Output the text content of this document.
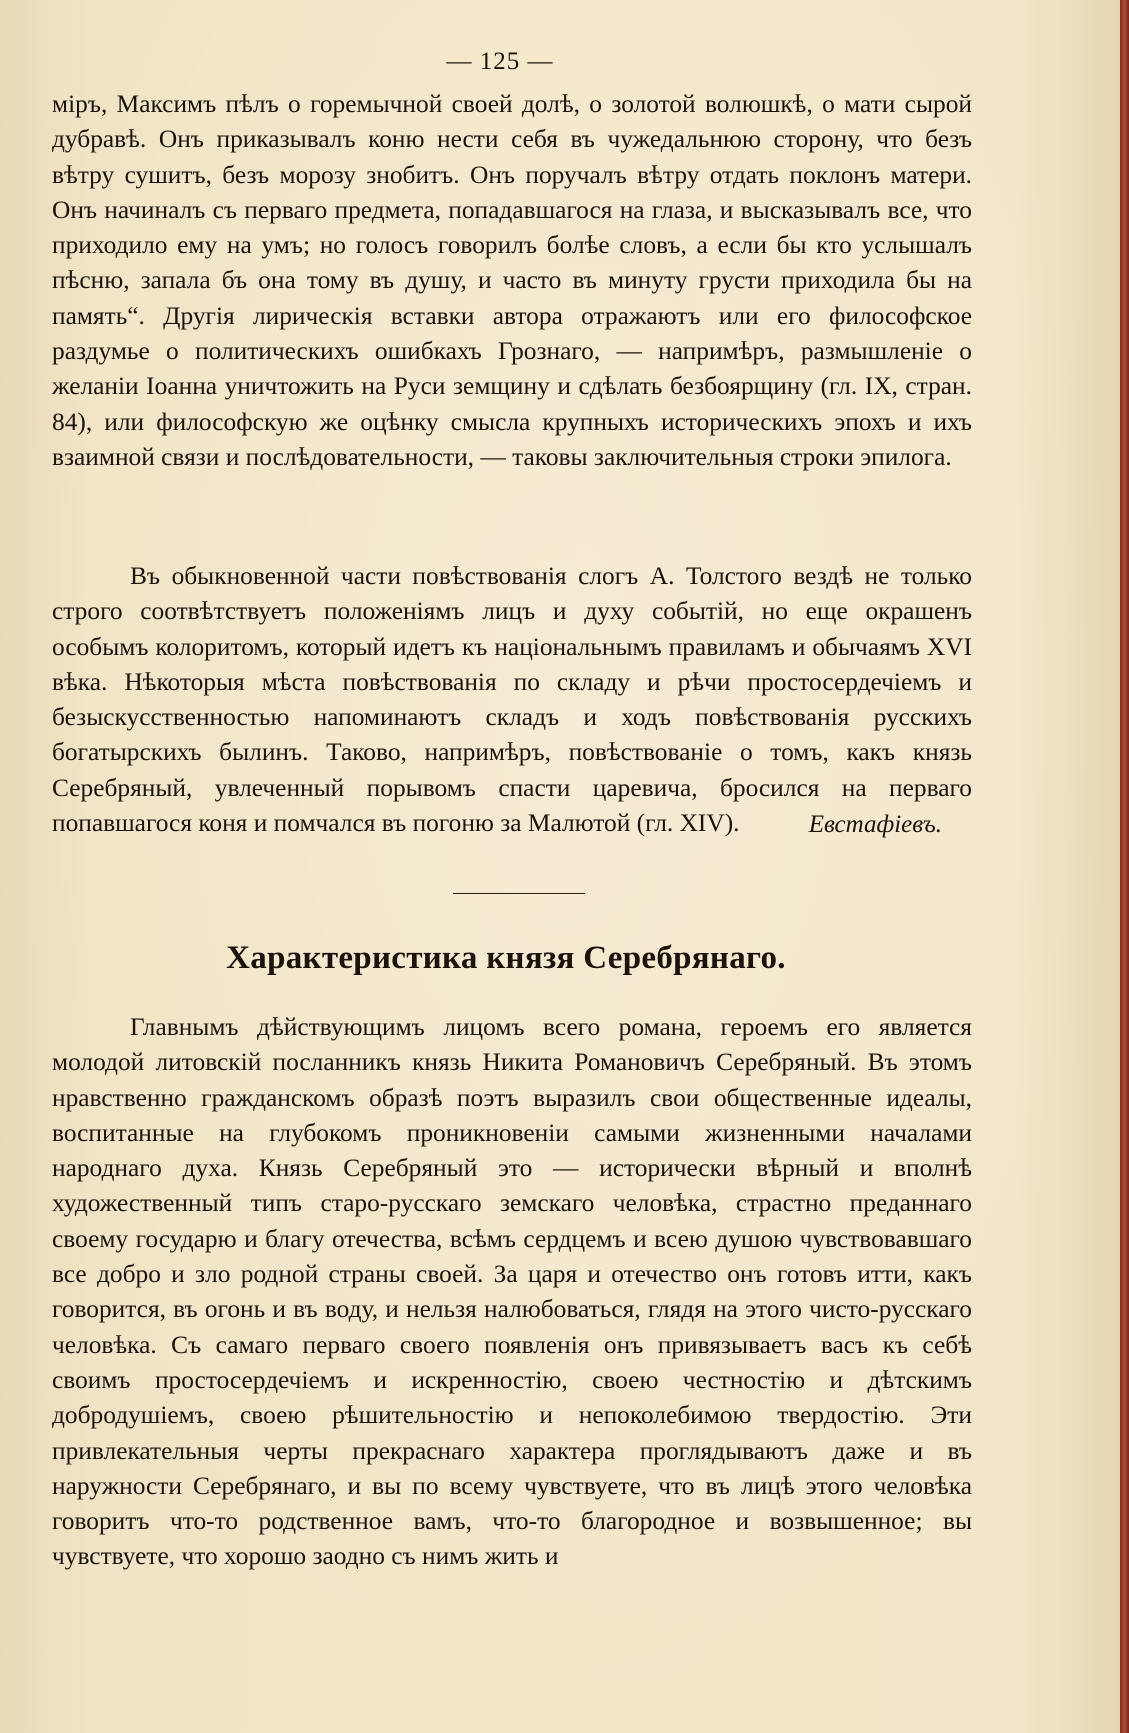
— 125 —
міръ, Максимъ пѣлъ о горемычной своей долѣ, о золотой волюшкѣ, о мати сырой дубравѣ. Онъ приказывалъ коню нести себя въ чужедальнюю сторону, что безъ вѣтру сушитъ, безъ морозу знобитъ. Онъ поручалъ вѣтру отдать поклонъ матери. Онъ начиналъ съ перваго предмета, попадавшагося на глаза, и высказывалъ все, что приходило ему на умъ; но голосъ говорилъ болѣе словъ, а если бы кто услышалъ пѣсню, запала бъ она тому въ душу, и часто въ минуту грусти приходила бы на память“. Другія лирическія вставки автора отражаютъ или его философское раздумье о политическихъ ошибкахъ Грознаго, — напримѣръ, размышленіе о желаніи Іоанна уничтожить на Руси земщину и сдѣлать безбоярщину (гл. IX, стран. 84), или философскую же оцѣнку смысла крупныхъ историческихъ эпохъ и ихъ взаимной связи и послѣдовательности, — таковы заключительныя строки эпилога.
Въ обыкновенной части повѣствованія слогъ А. Толстого вездѣ не только строго соотвѣтствуетъ положеніямъ лицъ и духу событій, но еще окрашенъ особымъ колоритомъ, который идетъ къ національнымъ правиламъ и обычаямъ XVI вѣка. Нѣкоторыя мѣста повѣствованія по складу и рѣчи простосердечіемъ и безыскусственностью напоминаютъ складъ и ходъ повѣствованія русскихъ богатырскихъ былинъ. Таково, напримѣръ, повѣствованіе о томъ, какъ князь Серебряный, увлеченный порывомъ спасти царевича, бросился на перваго попавшагося коня и помчался въ погоню за Малютой (гл. XIV).	Евстафіевъ.
Характеристика князя Серебрянаго.
Главнымъ дѣйствующимъ лицомъ всего романа, героемъ его является молодой литовскій посланникъ князь Никита Романовичъ Серебряный. Въ этомъ нравственно гражданскомъ образѣ поэтъ выразилъ свои общественные идеалы, воспитанные на глубокомъ проникновеніи самыми жизненными началами народнаго духа. Князь Серебряный это — исторически вѣрный и вполнѣ художественный типъ старо-русскаго земскаго человѣка, страстно преданнаго своему государю и благу отечества, всѣмъ сердцемъ и всею душою чувствовавшаго все добро и зло родной страны своей. За царя и отечество онъ готовъ итти, какъ говорится, въ огонь и въ воду, и нельзя налюбоваться, глядя на этого чисто-русскаго человѣка. Съ самаго перваго своего появленія онъ привязываетъ васъ къ себѣ своимъ простосердечіемъ и искренностію, своею честностію и дѣтскимъ добродушіемъ, своею рѣшительностію и непоколебимою твердостію. Эти привлекательныя черты прекраснаго характера проглядываютъ даже и въ наружности Серебрянаго, и вы по всему чувствуете, что въ лицѣ этого человѣка говоритъ что-то родственное вамъ, что-то благородное и возвышенное; вы чувствуете, что хорошо заодно съ нимъ жить и
